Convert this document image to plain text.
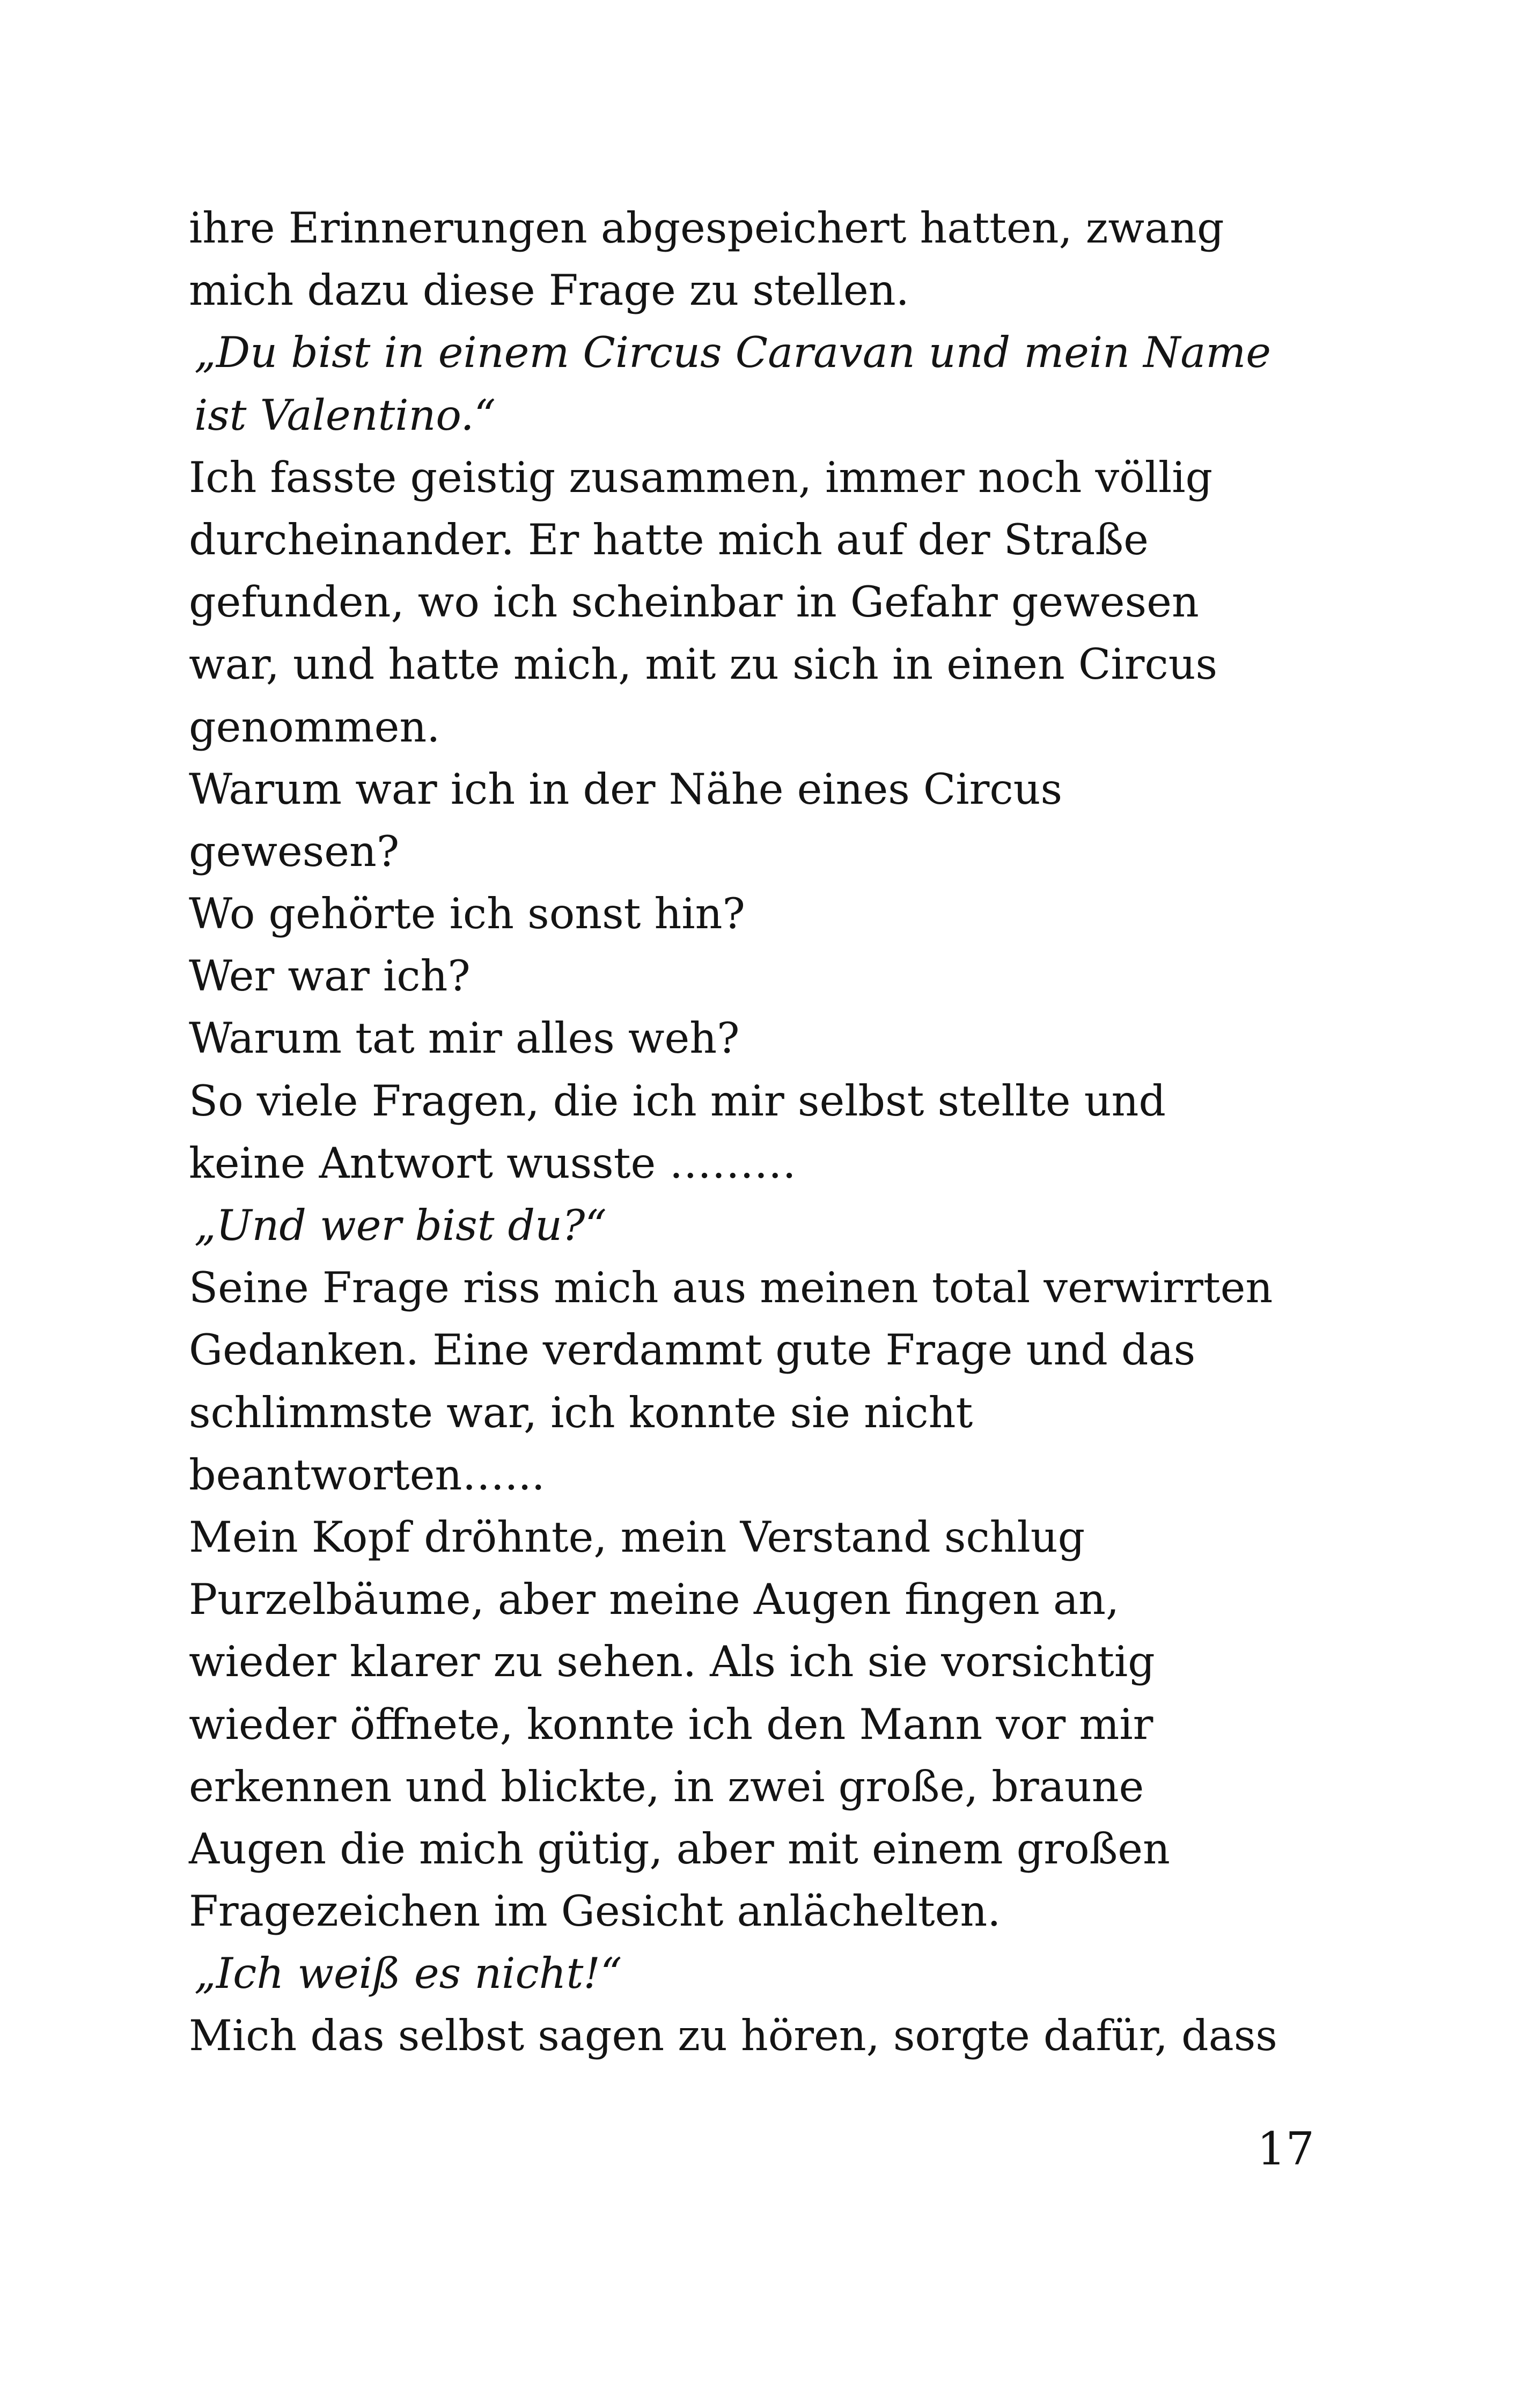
ihre Erinnerungen abgespeichert hatten, zwang
mich dazu diese Frage zu stellen.
„Du bist in einem Circus Caravan und mein Name
ist Valentino.“
Ich fasste geistig zusammen, immer noch völlig
durcheinander. Er hatte mich auf der Straße
gefunden, wo ich scheinbar in Gefahr gewesen
war, und hatte mich, mit zu sich in einen Circus
genommen.
Warum war ich in der Nähe eines Circus
gewesen?
Wo gehörte ich sonst hin?
Wer war ich?
Warum tat mir alles weh?
So viele Fragen, die ich mir selbst stellte und
keine Antwort wusste ………
„Und wer bist du?“
Seine Frage riss mich aus meinen total verwirrten
Gedanken. Eine verdammt gute Frage und das
schlimmste war, ich konnte sie nicht
beantworten…...
Mein Kopf dröhnte, mein Verstand schlug
Purzelbäume, aber meine Augen fingen an,
wieder klarer zu sehen. Als ich sie vorsichtig
wieder öffnete, konnte ich den Mann vor mir
erkennen und blickte, in zwei große, braune
Augen die mich gütig, aber mit einem großen
Fragezeichen im Gesicht anlächelten.
„Ich weiß es nicht!“
Mich das selbst sagen zu hören, sorgte dafür, dass
17
